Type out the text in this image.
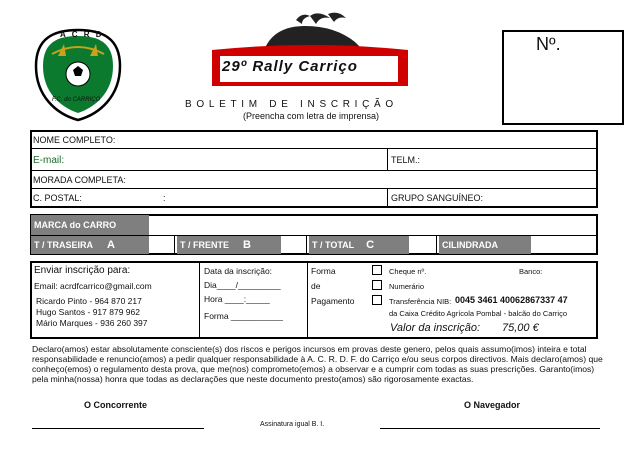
A C R D
F.C. do CARRIÇO
29º Rally Carriço
BOLETIM DE INSCRIÇÃO
(Preencha com letra de imprensa)
Nº.
NOME COMPLETO:
E-mail:	TELM.:
MORADA COMPLETA:
C. POSTAL:	:	GRUPO SANGUÍNEO:
MARCA do CARRO
T / TRASEIRA A	T / FRENTE B	T / TOTAL C	CILINDRADA
Enviar inscrição para:
Email: acrdfcarrico@gmail.com
Ricardo Pinto - 964 870 217
Hugo Santos - 917 879 962
Mário Marques - 936 260 397
Data da inscrição:
Dia____/_________
Hora ____:_____
Forma ___________
Forma
de
Pagamento
Cheque nº.	Banco:
Numerário
Transferência NIB: 0045 3461 40062867337 47
da Caixa Crédito Agrícola Pombal - balcão do Carriço
Valor da inscrição: 75,00 €
Declaro(amos) estar absolutamente consciente(s) dos riscos e perigos incursos em provas deste genero, pelos quais assumo(imos) inteira e total responsabilidade e renuncio(amos) a pedir qualquer responsabilidade à A. C. R. D. F. do Carriço e/ou seus corpos directivos. Mais declaro(amos) que conheço(emos) o regulamento desta prova, que me(nos) comprometo(emos) a observar e a cumprir com todas as suas prescrições. Garanto(imos) pela minha(nossa) honra que todas as declarações que neste documento presto(amos) são rigorosamente exactas.
O Concorrente	O Navegador
Assinatura igual B. I.
